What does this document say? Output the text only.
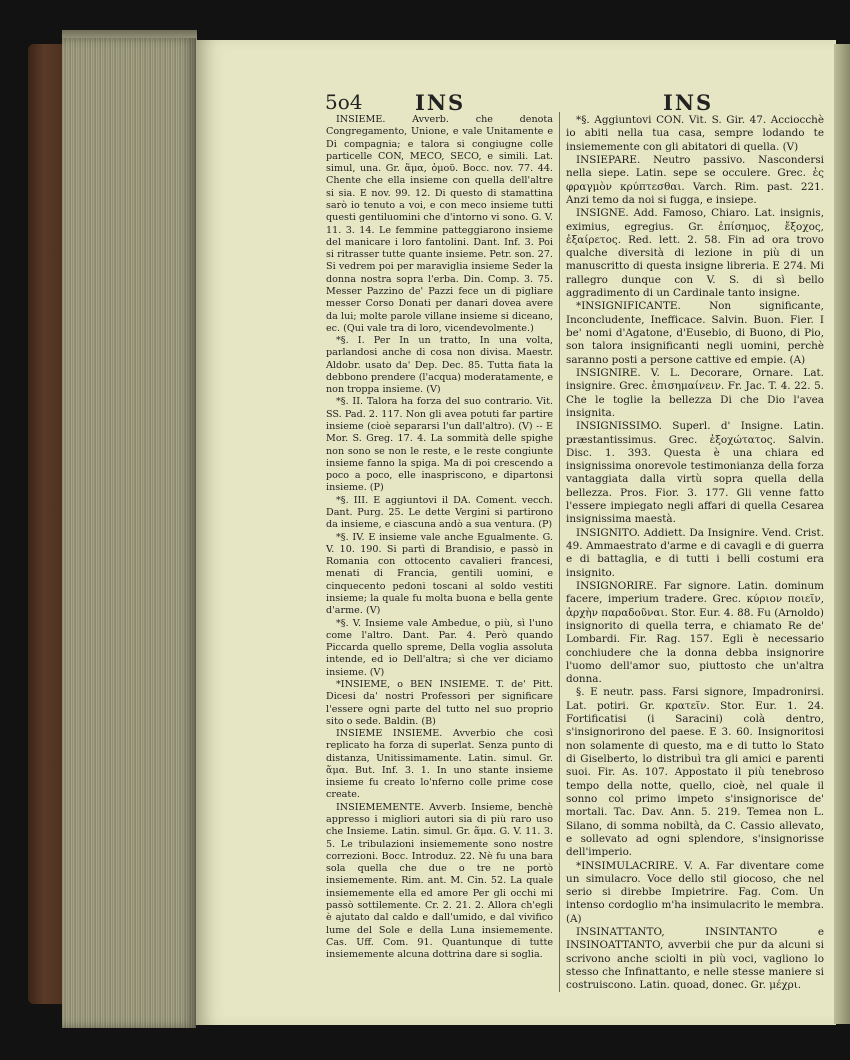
5o4	INS	INS

INSIEME. Avverb. che denota Congregamento, Unione, e vale Unitamente e Di compagnia; e talora si congiugne colle particelle CON, MECO, SECO, e simili. Lat. simul, una. Gr. ἅμα, ὁμοῦ. Bocc. nov. 77. 44. Chente che ella insieme con quella dell'altre si sia. E nov. 99. 12. Di questo di stamattina sarò io tenuto a voi, e con meco insieme tutti questi gentiluomini che d'intorno vi sono. G. V. 11. 3. 14. Le femmine patteggiarono insieme del manicare i loro fantolini. Dant. Inf. 3. Poi si ritrasser tutte quante insieme. Petr. son. 27. Si vedrem poi per maraviglia insieme Seder la donna nostra sopra l'erba. Din. Comp. 3. 75. Messer Pazzino de' Pazzi fece un di pigliare messer Corso Donati per danari dovea avere da lui; molte parole villane insieme si diceano, ec. (Qui vale tra di loro, vicendevolmente.)

*§. I. Per In un tratto, In una volta, parlandosi anche di cosa non divisa. Maestr. Aldobr. usato da' Dep. Dec. 85. Tutta fiata la debbono prendere (l'acqua) moderatamente, e non troppa insieme. (V)

*§. II. Talora ha forza del suo contrario. Vit. SS. Pad. 2. 117. Non gli avea potuti far partire insieme (cioè separarsi l'un dall'altro). (V) -- E Mor. S. Greg. 17. 4. La sommità delle spighe non sono se non le reste, e le reste congiunte insieme fanno la spiga. Ma di poi crescendo a poco a poco, elle inaspriscono, e dipartonsi insieme. (P)

*§. III. E aggiuntovi il DA. Coment. vecch. Dant. Purg. 25. Le dette Vergini si partirono da insieme, e ciascuna andò a sua ventura. (P)

*§. IV. E insieme vale anche Egualmente. G. V. 10. 190. Si partì di Brandisio, e passò in Romania con ottocento cavalieri francesi, menati di Francia, gentili uomini, e cinquecento pedoni toscani al soldo vestiti insieme; la quale fu molta buona e bella gente d'arme. (V)

*§. V. Insieme vale Ambedue, o più, sì l'uno come l'altro. Dant. Par. 4. Però quando Piccarda quello spreme, Della voglia assoluta intende, ed io Dell'altra; sì che ver diciamo insieme. (V)

*INSIEME, o BEN INSIEME. T. de' Pitt. Dicesi da' nostri Professori per significare l'essere ogni parte del tutto nel suo proprio sito o sede. Baldin. (B)

INSIEME INSIEME. Avverbio che così replicato ha forza di superlat. Senza punto di distanza, Unitissimamente. Latin. simul. Gr. ἅμα. But. Inf. 3. 1. In uno stante insieme insieme fu creato lo'nferno colle prime cose create.

INSIEMEMENTE. Avverb. Insieme, benchè appresso i migliori autori sia di più raro uso che Insieme. Latin. simul. Gr. ἅμα. G. V. 11. 3. 5. Le tribulazioni insiememente sono nostre correzioni. Bocc. Introduz. 22. Nè fu una bara sola quella che due o tre ne portò insiememente. Rim. ant. M. Cin. 52. La quale insiememente ella ed amore Per gli occhi mi passò sottilemente. Cr. 2. 21. 2. Allora ch'egli è ajutato dal caldo e dall'umido, e dal vivifico lume del Sole e della Luna insiememente. Cas. Uff. Com. 91. Quantunque di tutte insiememente alcuna dottrina dare si soglia.

*§. Aggiuntovi CON. Vit. S. Gir. 47. Acciocchè io abiti nella tua casa, sempre lodando te insiememente con gli abitatori di quella. (V)

INSIEPARE. Neutro passivo. Nascondersi nella siepe. Latin. sepe se occulere. Grec. ἐς φραγμὸν κρύπτεσθαι. Varch. Rim. past. 221. Anzi temo da noi si fugga, e insiepe.

INSIGNE. Add. Famoso, Chiaro. Lat. insignis, eximius, egregius. Gr. ἐπίσημος, ἔξοχος, ἐξαίρετος. Red. lett. 2. 58. Fin ad ora trovo qualche diversità di lezione in più di un manuscritto di questa insigne libreria. E 274. Mi rallegro dunque con V. S. di sì bello aggradimento di un Cardinale tanto insigne.

*INSIGNIFICANTE. Non significante, Inconcludente, Inefficace. Salvin. Buon. Fier. I be' nomi d'Agatone, d'Eusebio, di Buono, di Pio, son talora insignificanti negli uomini, perchè saranno posti a persone cattive ed empie. (A)

INSIGNIRE. V. L. Decorare, Ornare. Lat. insignire. Grec. ἐπισημαίνειν. Fr. Jac. T. 4. 22. 5. Che le toglie la bellezza Di che Dio l'avea insignita.

INSIGNISSIMO. Superl. d' Insigne. Latin. præstantissimus. Grec. ἐξοχώτατος. Salvin. Disc. 1. 393. Questa è una chiara ed insignissima onorevole testimonianza della forza vantaggiata dalla virtù sopra quella della bellezza. Pros. Fior. 3. 177. Gli venne fatto l'essere impiegato negli affari di quella Cesarea insignissima maestà.

INSIGNITO. Addiett. Da Insignire. Vend. Crist. 49. Ammaestrato d'arme e di cavagli e di guerra e di battaglia, e di tutti i belli costumi era insignito.

INSIGNORIRE. Far signore. Latin. dominum facere, imperium tradere. Grec. κύριον ποιεῖν, ἀρχὴν παραδοῦναι. Stor. Eur. 4. 88. Fu (Arnoldo) insignorito di quella terra, e chiamato Re de' Lombardi. Fir. Rag. 157. Egli è necessario conchiudere che la donna debba insignorire l'uomo dell'amor suo, piuttosto che un'altra donna.

§. E neutr. pass. Farsi signore, Impadronirsi. Lat. potiri. Gr. κρατεῖν. Stor. Eur. 1. 24. Fortificatisi (i Saracini) colà dentro, s'insignorirono del paese. E 3. 60. Insignoritosi non solamente di questo, ma e di tutto lo Stato di Giselberto, lo distribuì tra gli amici e parenti suoi. Fir. As. 107. Appostato il più tenebroso tempo della notte, quello, cioè, nel quale il sonno col primo impeto s'insignorisce de' mortali. Tac. Dav. Ann. 5. 219. Temea non L. Silano, di somma nobiltà, da C. Cassio allevato, e sollevato ad ogni splendore, s'insignorisse dell'imperio.

*INSIMULACRIRE. V. A. Far diventare come un simulacro. Voce dello stil giocoso, che nel serio si direbbe Impietrire. Fag. Com. Un intenso cordoglio m'ha insimulacrito le membra. (A)

INSINATTANTO, INSINTANTO e INSINOATTANTO, avverbii che pur da alcuni si scrivono anche sciolti in più voci, vagliono lo stesso che Infinattanto, e nelle stesse maniere si costruiscono. Latin. quoad, donec. Gr. μέχρι.
